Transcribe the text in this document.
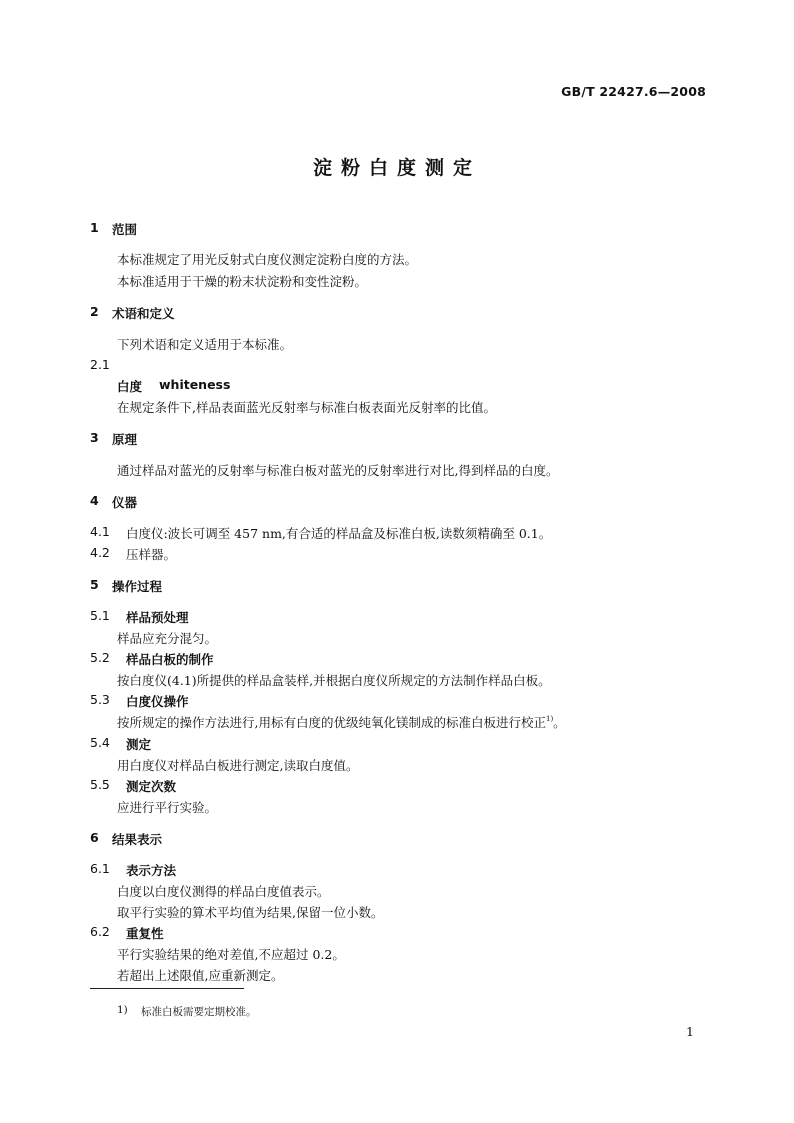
GB/T 22427.6—2008
淀粉白度测定
1 范围
本标准规定了用光反射式白度仪测定淀粉白度的方法。
本标准适用于干燥的粉末状淀粉和变性淀粉。
2 术语和定义
下列术语和定义适用于本标准。
2.1
白度 whiteness
在规定条件下,样品表面蓝光反射率与标准白板表面光反射率的比值。
3 原理
通过样品对蓝光的反射率与标准白板对蓝光的反射率进行对比,得到样品的白度。
4 仪器
4.1 白度仪:波长可调至 457 nm,有合适的样品盒及标准白板,读数须精确至 0.1。
4.2 压样器。
5 操作过程
5.1 样品预处理
样品应充分混匀。
5.2 样品白板的制作
按白度仪(4.1)所提供的样品盒装样,并根据白度仪所规定的方法制作样品白板。
5.3 白度仪操作
按所规定的操作方法进行,用标有白度的优级纯氧化镁制成的标准白板进行校正$^{1)}$。
5.4 测定
用白度仪对样品白板进行测定,读取白度值。
5.5 测定次数
应进行平行实验。
6 结果表示
6.1 表示方法
白度以白度仪测得的样品白度值表示。
取平行实验的算术平均值为结果,保留一位小数。
6.2 重复性
平行实验结果的绝对差值,不应超过 0.2。
若超出上述限值,应重新测定。
1) 标准白板需要定期校准。
1
